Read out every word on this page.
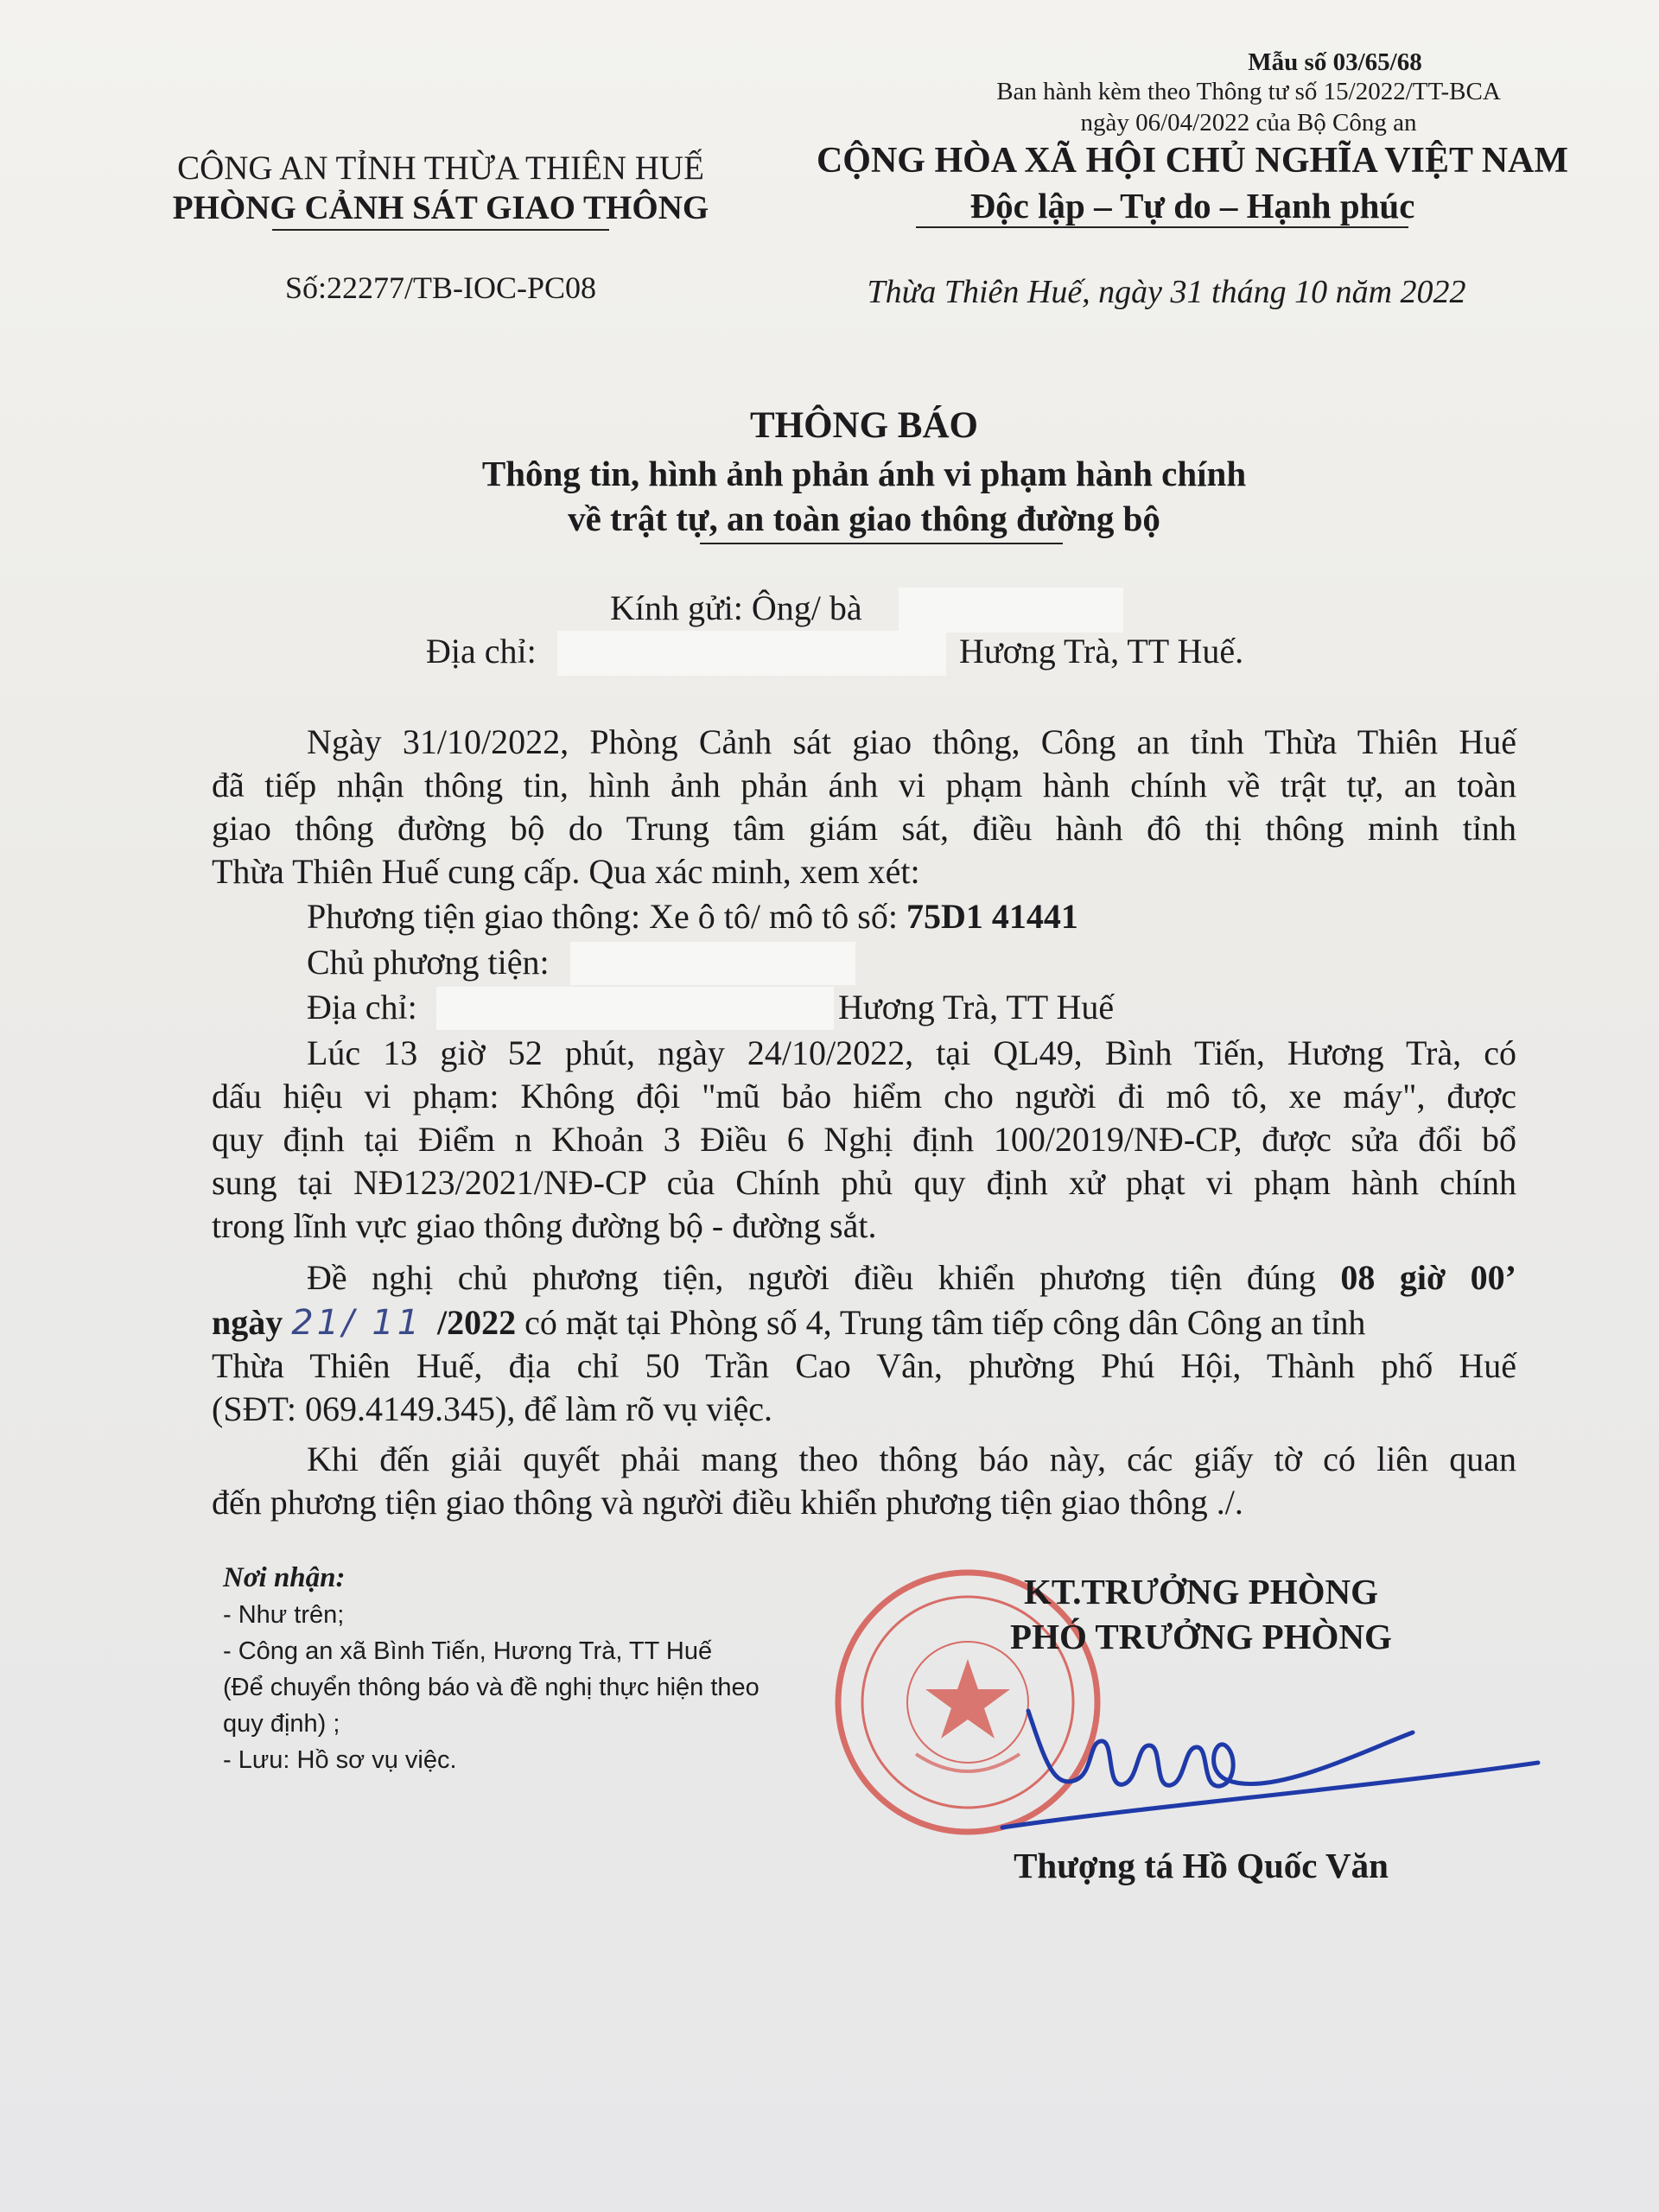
Mẫu số 03/65/68
Ban hành kèm theo Thông tư số 15/2022/TT-BCA
ngày 06/04/2022 của Bộ Công an
CÔNG AN TỈNH THỪA THIÊN HUẾ
PHÒNG CẢNH SÁT GIAO THÔNG
Số:22277/TB-IOC-PC08
CỘNG HÒA XÃ HỘI CHỦ NGHĨA VIỆT NAM
Độc lập – Tự do – Hạnh phúc
Thừa Thiên Huế, ngày 31 tháng 10 năm 2022
THÔNG BÁO
Thông tin, hình ảnh phản ánh vi phạm hành chính
về trật tự, an toàn giao thông đường bộ
Kính gửi: Ông/ bà
Địa chỉ:	Hương Trà, TT Huế.
Ngày 31/10/2022, Phòng Cảnh sát giao thông, Công an tỉnh Thừa Thiên Huế
đã tiếp nhận thông tin, hình ảnh phản ánh vi phạm hành chính về trật tự, an toàn
giao thông đường bộ do Trung tâm giám sát, điều hành đô thị thông minh tỉnh
Thừa Thiên Huế cung cấp. Qua xác minh, xem xét:
Phương tiện giao thông: Xe ô tô/ mô tô số: 75D1 41441
Chủ phương tiện:
Địa chỉ:	Hương Trà, TT Huế
Lúc 13 giờ 52 phút, ngày 24/10/2022, tại QL49, Bình Tiến, Hương Trà, có
dấu hiệu vi phạm: Không đội "mũ bảo hiểm cho người đi mô tô, xe máy", được
quy định tại Điểm n Khoản 3 Điều 6 Nghị định 100/2019/NĐ-CP, được sửa đổi bổ
sung tại NĐ123/2021/NĐ-CP của Chính phủ quy định xử phạt vi phạm hành chính
trong lĩnh vực giao thông đường bộ - đường sắt.
Đề nghị chủ phương tiện, người điều khiển phương tiện đúng 08 giờ 00’
ngày 21/ 11 /2022 có mặt tại Phòng số 4, Trung tâm tiếp công dân Công an tỉnh
Thừa Thiên Huế, địa chỉ 50 Trần Cao Vân, phường Phú Hội, Thành phố Huế
(SĐT: 069.4149.345), để làm rõ vụ việc.
Khi đến giải quyết phải mang theo thông báo này, các giấy tờ có liên quan
đến phương tiện giao thông và người điều khiển phương tiện giao thông ./.
Nơi nhận:
- Như trên;
- Công an xã Bình Tiến, Hương Trà, TT Huế
(Để chuyển thông báo và đề nghị thực hiện theo
quy định) ;
- Lưu: Hồ sơ vụ việc.
KT.TRƯỞNG PHÒNG
PHÓ TRƯỞNG PHÒNG
Thượng tá Hồ Quốc Văn
